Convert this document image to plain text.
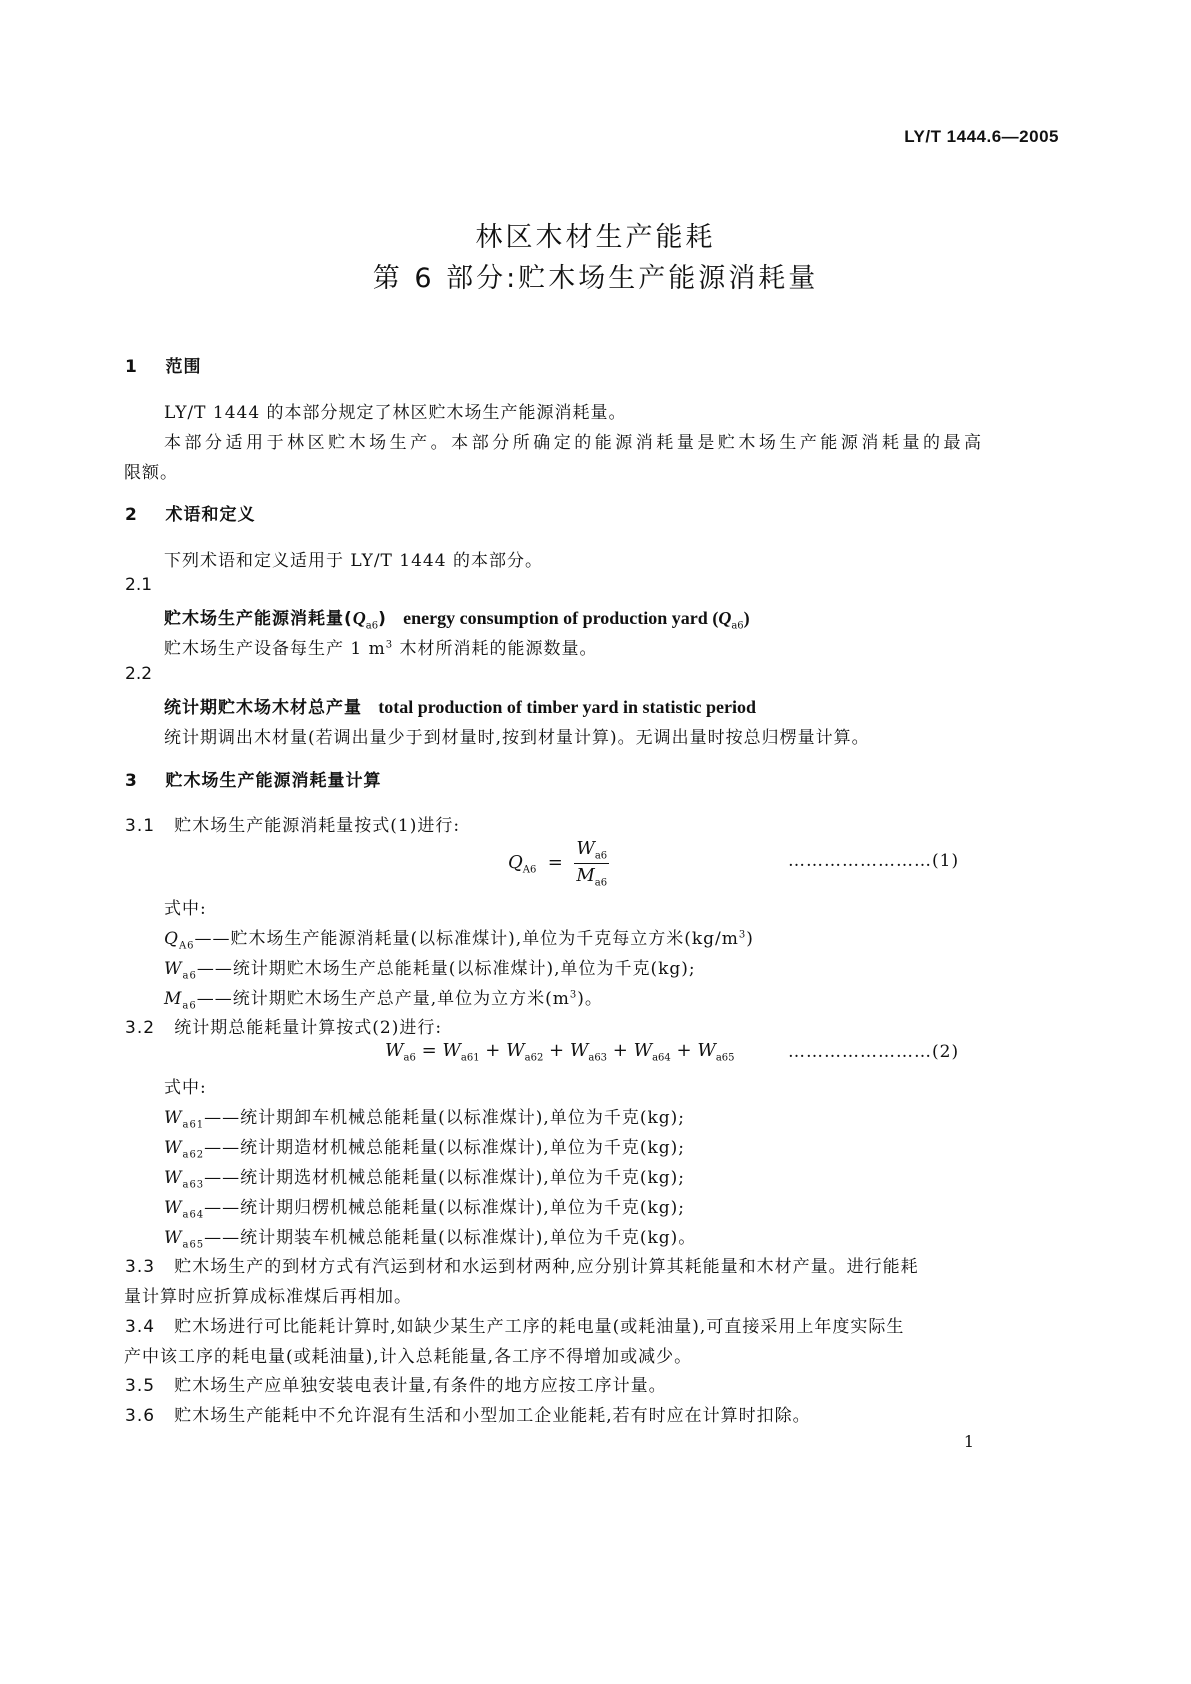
LY/T 1444.6—2005
林区木材生产能耗
第 6 部分:贮木场生产能源消耗量
1 范围
LY/T 1444 的本部分规定了林区贮木场生产能源消耗量。
本部分适用于林区贮木场生产。本部分所确定的能源消耗量是贮木场生产能源消耗量的最高
限额。
2 术语和定义
下列术语和定义适用于 LY/T 1444 的本部分。
2.1
贮木场生产能源消耗量$(Q_{a6})$ energy consumption of production yard $(Q_{a6})$
贮木场生产设备每生产 1 $m^3$ 木材所消耗的能源数量。
2.2
统计期贮木场木材总产量 total production of timber yard in statistic period
统计期调出木材量(若调出量少于到材量时,按到材量计算)。无调出量时按总归楞量计算。
3 贮木场生产能源消耗量计算
3.1 贮木场生产能源消耗量按式(1)进行:
$Q_{A6} = \frac{W_{a6}}{M_{a6}}$	……………………(1)
式中:
$Q_{A6}——$贮木场生产能源消耗量(以标准煤计),单位为千克每立方米$(kg/m^3)$
$W_{a6}——$统计期贮木场生产总能耗量(以标准煤计),单位为千克(kg);
$M_{a6}——$统计期贮木场生产总产量,单位为立方米$(m^3)$。
3.2 统计期总能耗量计算按式(2)进行:
$W_{a6} = W_{a61} + W_{a62} + W_{a63} + W_{a64} + W_{a65}$	……………………(2)
式中:
$W_{a61}——$统计期卸车机械总能耗量(以标准煤计),单位为千克(kg);
$W_{a62}——$统计期造材机械总能耗量(以标准煤计),单位为千克(kg);
$W_{a63}——$统计期选材机械总能耗量(以标准煤计),单位为千克(kg);
$W_{a64}——$统计期归楞机械总能耗量(以标准煤计),单位为千克(kg);
$W_{a65}——$统计期装车机械总能耗量(以标准煤计),单位为千克(kg)。
3.3 贮木场生产的到材方式有汽运到材和水运到材两种,应分别计算其耗能量和木材产量。进行能耗
量计算时应折算成标准煤后再相加。
3.4 贮木场进行可比能耗计算时,如缺少某生产工序的耗电量(或耗油量),可直接采用上年度实际生
产中该工序的耗电量(或耗油量),计入总耗能量,各工序不得增加或减少。
3.5 贮木场生产应单独安装电表计量,有条件的地方应按工序计量。
3.6 贮木场生产能耗中不允许混有生活和小型加工企业能耗,若有时应在计算时扣除。
1
